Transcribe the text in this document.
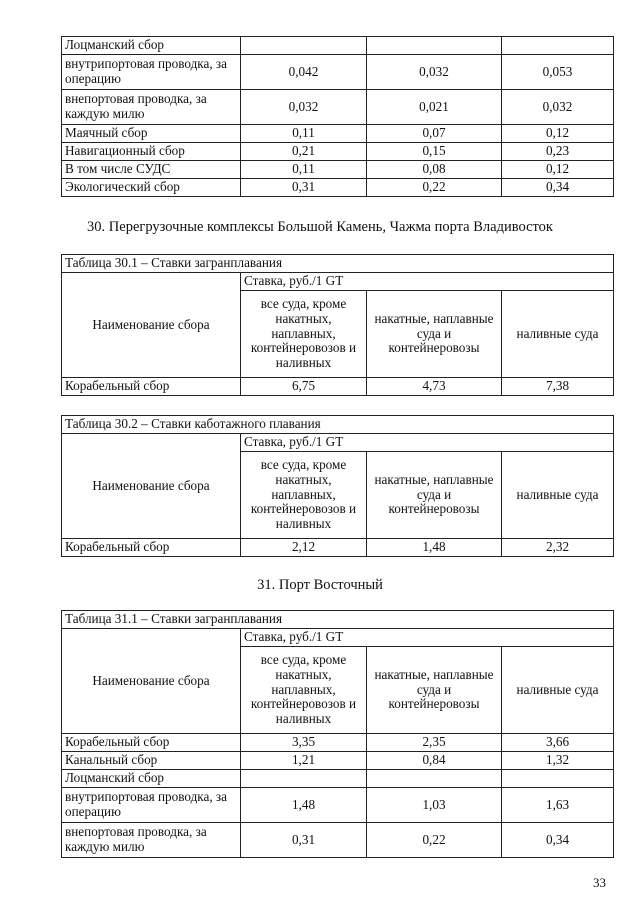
Лоцманский сбор			
внутрипортовая проводка, за операцию	0,042	0,032	0,053
внепортовая проводка, за каждую милю	0,032	0,021	0,032
Маячный сбор	0,11	0,07	0,12
Навигационный сбор	0,21	0,15	0,23
В том числе СУДС	0,11	0,08	0,12
Экологический сбор	0,31	0,22	0,34
30. Перегрузочные комплексы Большой Камень, Чажма порта Владивосток
Таблица 30.1 – Ставки загранплавания			
Наименование сбора	Ставка, руб./1 GT		
	все суда, кроме накатных, наплавных, контейнеровозов и наливных	накатные, наплавные суда и контейнеровозы	наливные суда
Корабельный сбор	6,75	4,73	7,38
Таблица 30.2 – Ставки каботажного плавания			
Наименование сбора	Ставка, руб./1 GT		
	все суда, кроме накатных, наплавных, контейнеровозов и наливных	накатные, наплавные суда и контейнеровозы	наливные суда
Корабельный сбор	2,12	1,48	2,32
31. Порт Восточный
Таблица 31.1 – Ставки загранплавания			
Наименование сбора	Ставка, руб./1 GT		
	все суда, кроме накатных, наплавных, контейнеровозов и наливных	накатные, наплавные суда и контейнеровозы	наливные суда
Корабельный сбор	3,35	2,35	3,66
Канальный сбор	1,21	0,84	1,32
Лоцманский сбор			
внутрипортовая проводка, за операцию	1,48	1,03	1,63
внепортовая проводка, за каждую милю	0,31	0,22	0,34
33
